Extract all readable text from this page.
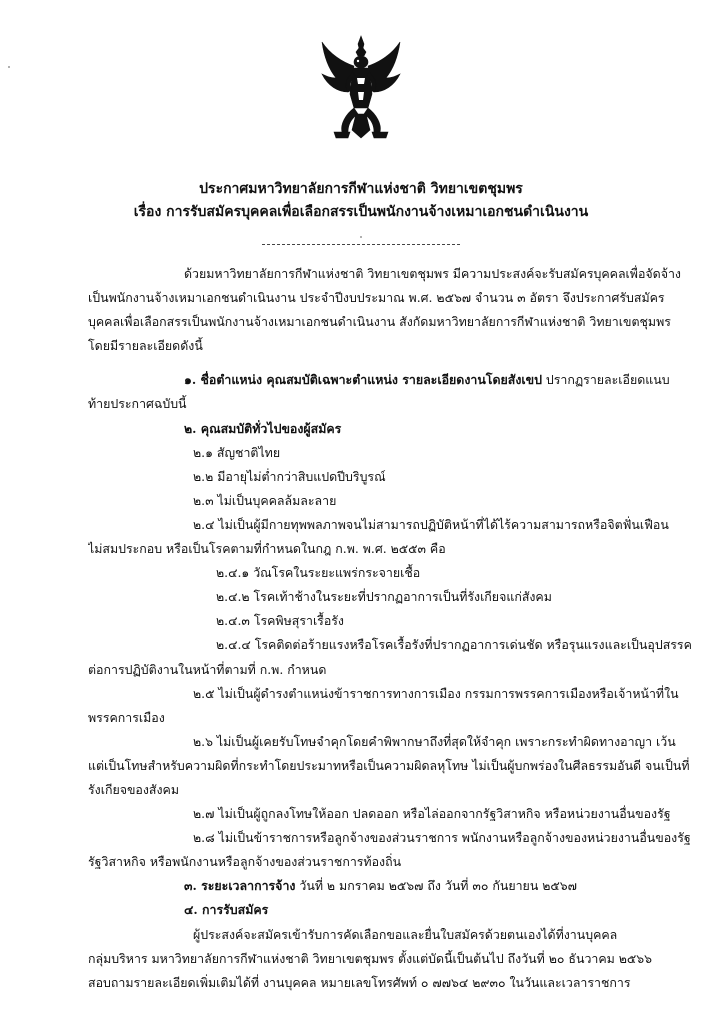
ประกาศมหาวิทยาลัยการกีฬาแห่งชาติ วิทยาเขตชุมพร
เรื่อง การรับสมัครบุคคลเพื่อเลือกสรรเป็นพนักงานจ้างเหมาเอกชนดำเนินงาน
ด้วยมหาวิทยาลัยการกีฬาแห่งชาติ วิทยาเขตชุมพร มีความประสงค์จะรับสมัครบุคคลเพื่อจัดจ้าง
เป็นพนักงานจ้างเหมาเอกชนดำเนินงาน ประจำปีงบประมาณ พ.ศ. ๒๕๖๗ จำนวน ๓ อัตรา จึงประกาศรับสมัคร
บุคคลเพื่อเลือกสรรเป็นพนักงานจ้างเหมาเอกชนดำเนินงาน สังกัดมหาวิทยาลัยการกีฬาแห่งชาติ วิทยาเขตชุมพร
โดยมีรายละเอียดดังนี้
๑. ชื่อตำแหน่ง คุณสมบัติเฉพาะตำแหน่ง รายละเอียดงานโดยสังเขป ปรากฏรายละเอียดแนบ
ท้ายประกาศฉบับนี้
๒. คุณสมบัติทั่วไปของผู้สมัคร
๒.๑ สัญชาติไทย
๒.๒ มีอายุไม่ต่ำกว่าสิบแปดปีบริบูรณ์
๒.๓ ไม่เป็นบุคคลล้มละลาย
๒.๔ ไม่เป็นผู้มีกายทุพพลภาพจนไม่สามารถปฏิบัติหน้าที่ได้ไร้ความสามารถหรือจิตฟั่นเฟือน
ไม่สมประกอบ หรือเป็นโรคตามที่กำหนดในกฎ ก.พ. พ.ศ. ๒๕๕๓ คือ
๒.๔.๑ วัณโรคในระยะแพร่กระจายเชื้อ
๒.๔.๒ โรคเท้าช้างในระยะที่ปรากฏอาการเป็นที่รังเกียจแก่สังคม
๒.๔.๓ โรคพิษสุราเรื้อรัง
๒.๔.๔ โรคติดต่อร้ายแรงหรือโรคเรื้อรังที่ปรากฏอาการเด่นชัด หรือรุนแรงและเป็นอุปสรรค
ต่อการปฏิบัติงานในหน้าที่ตามที่ ก.พ. กำหนด
๒.๕ ไม่เป็นผู้ดำรงตำแหน่งข้าราชการทางการเมือง กรรมการพรรคการเมืองหรือเจ้าหน้าที่ใน
พรรคการเมือง
๒.๖ ไม่เป็นผู้เคยรับโทษจำคุกโดยคำพิพากษาถึงที่สุดให้จำคุก เพราะกระทำผิดทางอาญา เว้น
แต่เป็นโทษสำหรับความผิดที่กระทำโดยประมาทหรือเป็นความผิดลหุโทษ ไม่เป็นผู้บกพร่องในศีลธรรมอันดี จนเป็นที่
รังเกียจของสังคม
๒.๗ ไม่เป็นผู้ถูกลงโทษให้ออก ปลดออก หรือไล่ออกจากรัฐวิสาหกิจ หรือหน่วยงานอื่นของรัฐ
๒.๘ ไม่เป็นข้าราชการหรือลูกจ้างของส่วนราชการ พนักงานหรือลูกจ้างของหน่วยงานอื่นของรัฐ
รัฐวิสาหกิจ หรือพนักงานหรือลูกจ้างของส่วนราชการท้องถิ่น
๓. ระยะเวลาการจ้าง วันที่ ๒ มกราคม ๒๕๖๗ ถึง วันที่ ๓๐ กันยายน ๒๕๖๗
๔. การรับสมัคร
ผู้ประสงค์จะสมัครเข้ารับการคัดเลือกขอและยื่นใบสมัครด้วยตนเองได้ที่งานบุคคล
กลุ่มบริหาร มหาวิทยาลัยการกีฬาแห่งชาติ วิทยาเขตชุมพร ตั้งแต่บัดนี้เป็นต้นไป ถึงวันที่ ๒๐ ธันวาคม ๒๕๖๖
สอบถามรายละเอียดเพิ่มเติมได้ที่ งานบุคคล หมายเลขโทรศัพท์ ๐ ๗๗๖๔ ๒๙๓๐ ในวันและเวลาราชการ
